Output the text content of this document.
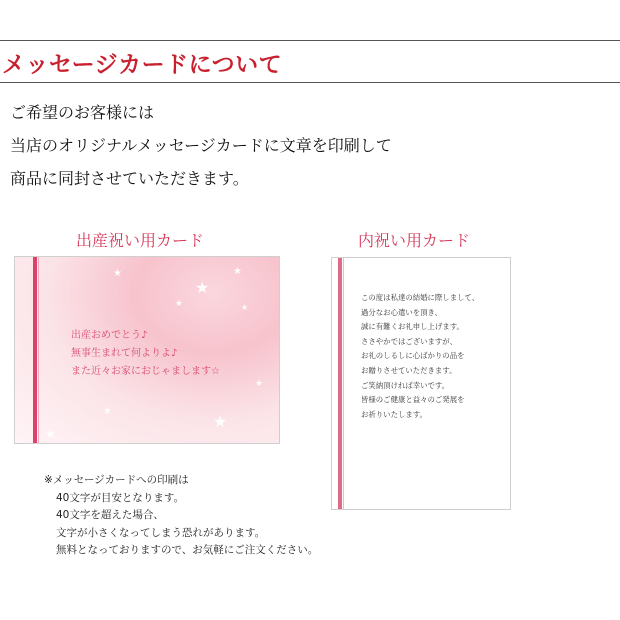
メッセージカードについて
ご希望のお客様には
当店のオリジナルメッセージカードに文章を印刷して
商品に同封させていただきます。
出産祝い用カード	内祝い用カード
★
★
★	★
★
★
★
★
★
出産おめでとう♪
無事生まれて何よりよ♪
また近々お家におじゃまします☆
この度は私達の結婚に際しまして、
過分なお心遣いを頂き、
誠に有難くお礼申し上げます。
ささやかではございますが、
お礼のしるしに心ばかりの品を
お贈りさせていただきます。
ご笑納頂ければ幸いです。
皆様のご健康と益々のご発展を
お祈りいたします。
※メッセージカードへの印刷は
40文字が目安となります。
40文字を超えた場合、
文字が小さくなってしまう恐れがあります。
無料となっておりますので、お気軽にご注文ください。
